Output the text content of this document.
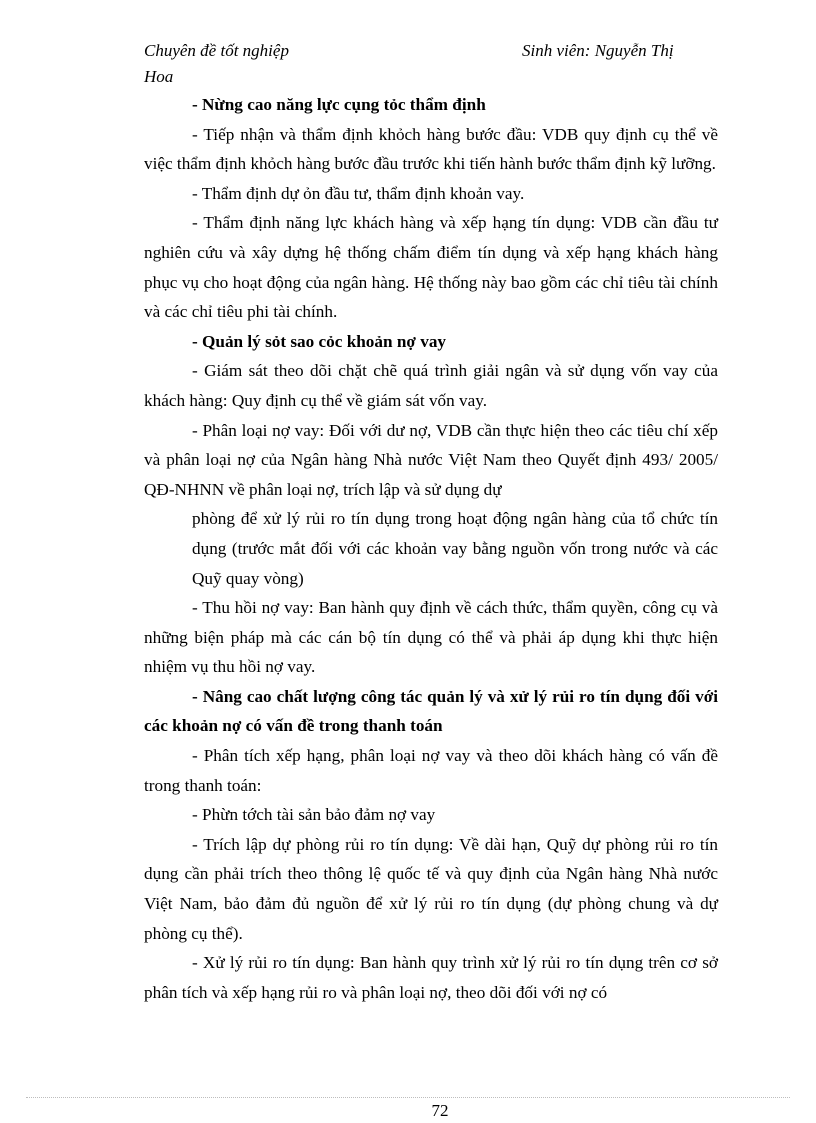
Chuyên đề tốt nghiệp
Hoa
Sinh viên: Nguyễn Thị

- Nừng cao năng lực cụng tỏc thẩm định

- Tiếp nhận và thẩm định khỏch hàng bước đầu: VDB quy định cụ thể về việc thẩm định khỏch hàng bước đầu trước khi tiến hành bước thẩm định kỹ lưỡng.

- Thẩm định dự ỏn đầu tư, thẩm định khoản vay.

- Thẩm định năng lực khách hàng và xếp hạng tín dụng: VDB cần đầu tư nghiên cứu và xây dựng hệ thống chấm điểm tín dụng và xếp hạng khách hàng phục vụ cho hoạt động của ngân hàng. Hệ thống này bao gồm các chỉ tiêu tài chính và các chỉ tiêu phi tài chính.

- Quản lý sỏt sao cỏc khoản nợ vay

- Giám sát theo dõi chặt chẽ quá trình giải ngân và sử dụng vốn vay của khách hàng: Quy định cụ thể về giám sát vốn vay.

- Phân loại nợ vay: Đối với dư nợ, VDB cần thực hiện theo các tiêu chí xếp và phân loại nợ của Ngân hàng Nhà nước Việt Nam theo Quyết định 493/ 2005/ QĐ-NHNN về phân loại nợ, trích lập và sử dụng dự

phòng để xử lý rủi ro tín dụng trong hoạt động ngân hàng của tổ chức tín dụng (trước mắt đối với các khoản vay bằng nguồn vốn trong nước và các Quỹ quay vòng)

- Thu hồi nợ vay: Ban hành quy định về cách thức, thẩm quyền, công cụ và những biện pháp mà các cán bộ tín dụng có thể và phải áp dụng khi thực hiện nhiệm vụ thu hồi nợ vay.

- Nâng cao chất lượng công tác quản lý và xử lý rủi ro tín dụng đối với các khoản nợ có vấn đề trong thanh toán

- Phân tích xếp hạng, phân loại nợ vay và theo dõi khách hàng có vấn đề trong thanh toán:

- Phừn tớch tài sản bảo đảm nợ vay

- Trích lập dự phòng rủi ro tín dụng: Về dài hạn, Quỹ dự phòng rủi ro tín dụng cần phải trích theo thông lệ quốc tế và quy định của Ngân hàng Nhà nước Việt Nam, bảo đảm đủ nguồn để xử lý rủi ro tín dụng (dự phòng chung và dự phòng cụ thể).

- Xử lý rủi ro tín dụng: Ban hành quy trình xử lý rủi ro tín dụng trên cơ sở phân tích và xếp hạng rủi ro và phân loại nợ, theo dõi đối với nợ có

72
